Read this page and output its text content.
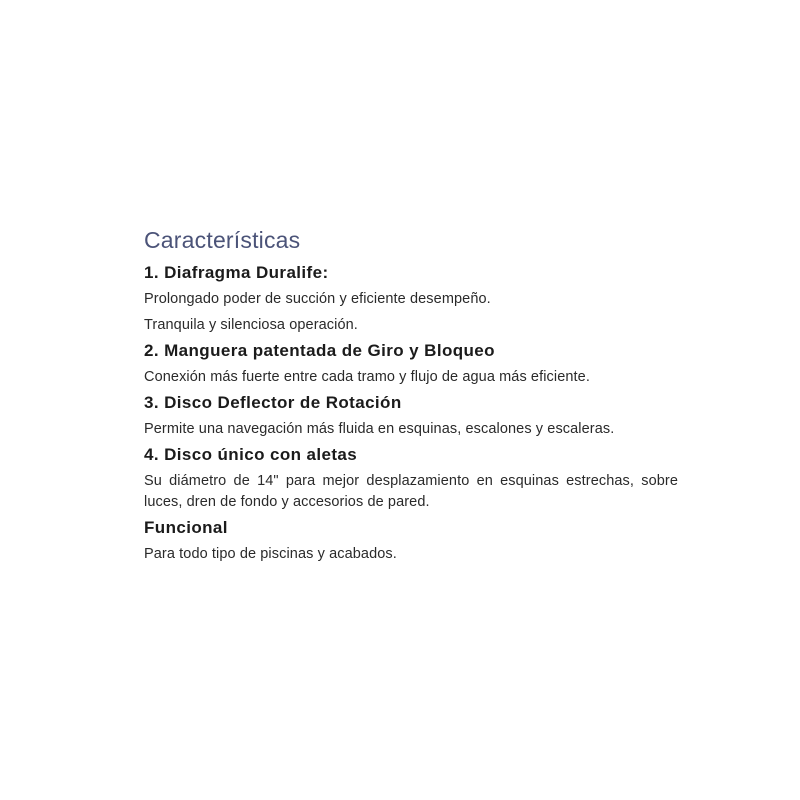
Características
1. Diafragma Duralife:

Prolongado poder de succión y eficiente desempeño.

Tranquila y silenciosa operación.

2. Manguera patentada de Giro y Bloqueo

Conexión más fuerte entre cada tramo y flujo de agua más eficiente.

3. Disco Deflector de Rotación

Permite una navegación más fluida en esquinas, escalones y escaleras.

4. Disco único con aletas

Su diámetro de 14" para mejor desplazamiento en esquinas estrechas, sobre luces, dren de fondo y accesorios de pared.

Funcional

Para todo tipo de piscinas y acabados.
